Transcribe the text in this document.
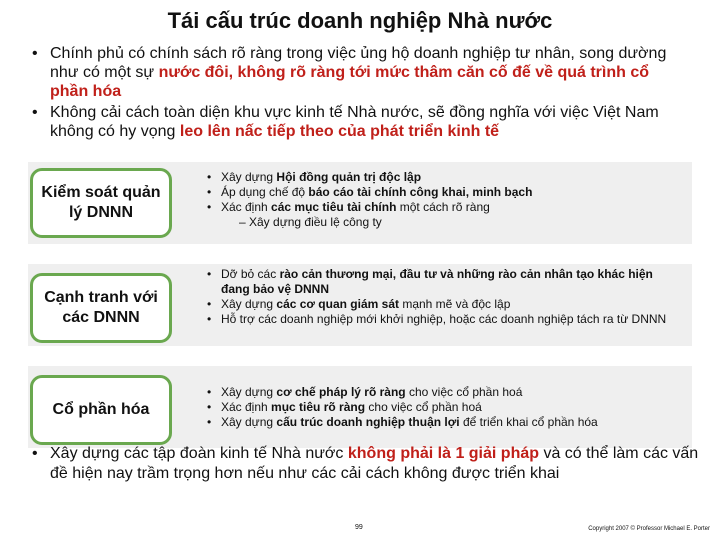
Tái cấu trúc doanh nghiệp Nhà nước
• Chính phủ có chính sách rõ ràng trong việc ủng hộ doanh nghiệp tư nhân, song dường như có một sự nước đôi, không rõ ràng tới mức thâm căn cố đế về quá trình cổ phần hóa
• Không cải cách toàn diện khu vực kinh tế Nhà nước, sẽ đồng nghĩa với việc Việt Nam không có hy vọng leo lên nấc tiếp theo của phát triển kinh tế
Kiểm soát quản lý DNNN
• Xây dựng Hội đồng quản trị độc lập
• Áp dụng chế độ báo cáo tài chính công khai, minh bạch
• Xác định các mục tiêu tài chính một cách rõ ràng
– Xây dựng điều lệ công ty
Cạnh tranh với các DNNN
• Dỡ bỏ các rào cản thương mại, đầu tư và những rào cản nhân tạo khác hiện đang bảo vệ DNNN
• Xây dựng các cơ quan giám sát mạnh mẽ và độc lập
• Hỗ trợ các doanh nghiệp mới khởi nghiệp, hoặc các doanh nghiệp tách ra từ DNNN
Cổ phần hóa
• Xây dựng cơ chế pháp lý rõ ràng cho việc cổ phần hoá
• Xác định mục tiêu rõ ràng cho việc cổ phần hoá
• Xây dựng cấu trúc doanh nghiệp thuận lợi để triển khai cổ phần hóa
• Xây dựng các tập đoàn kinh tế Nhà nước không phải là 1 giải pháp và có thể làm các vấn đề hiện nay trầm trọng hơn nếu như các cải cách không được triển khai
99	Copyright 2007 © Professor Michael E. Porter
